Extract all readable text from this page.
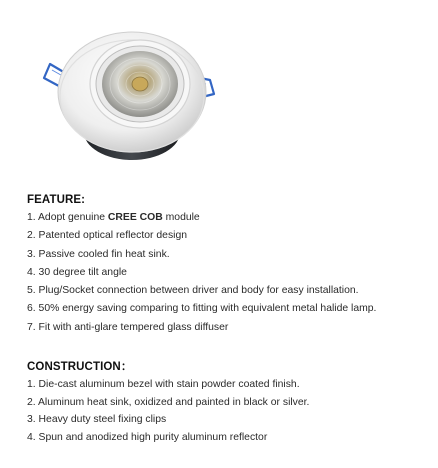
FEATURE:
1. Adopt genuine CREE COB module
2. Patented optical reflector design
3. Passive cooled fin heat sink.
4. 30 degree tilt angle
5. Plug/Socket connection between driver and body for easy installation.
6. 50% energy saving comparing to fitting with equivalent metal halide lamp.
7. Fit with anti-glare tempered glass diffuser
CONSTRUCTION：
1. Die-cast aluminum bezel with stain powder coated finish.
2. Aluminum heat sink, oxidized and painted in black or silver.
3. Heavy duty steel fixing clips
4. Spun and anodized high purity aluminum reflector
